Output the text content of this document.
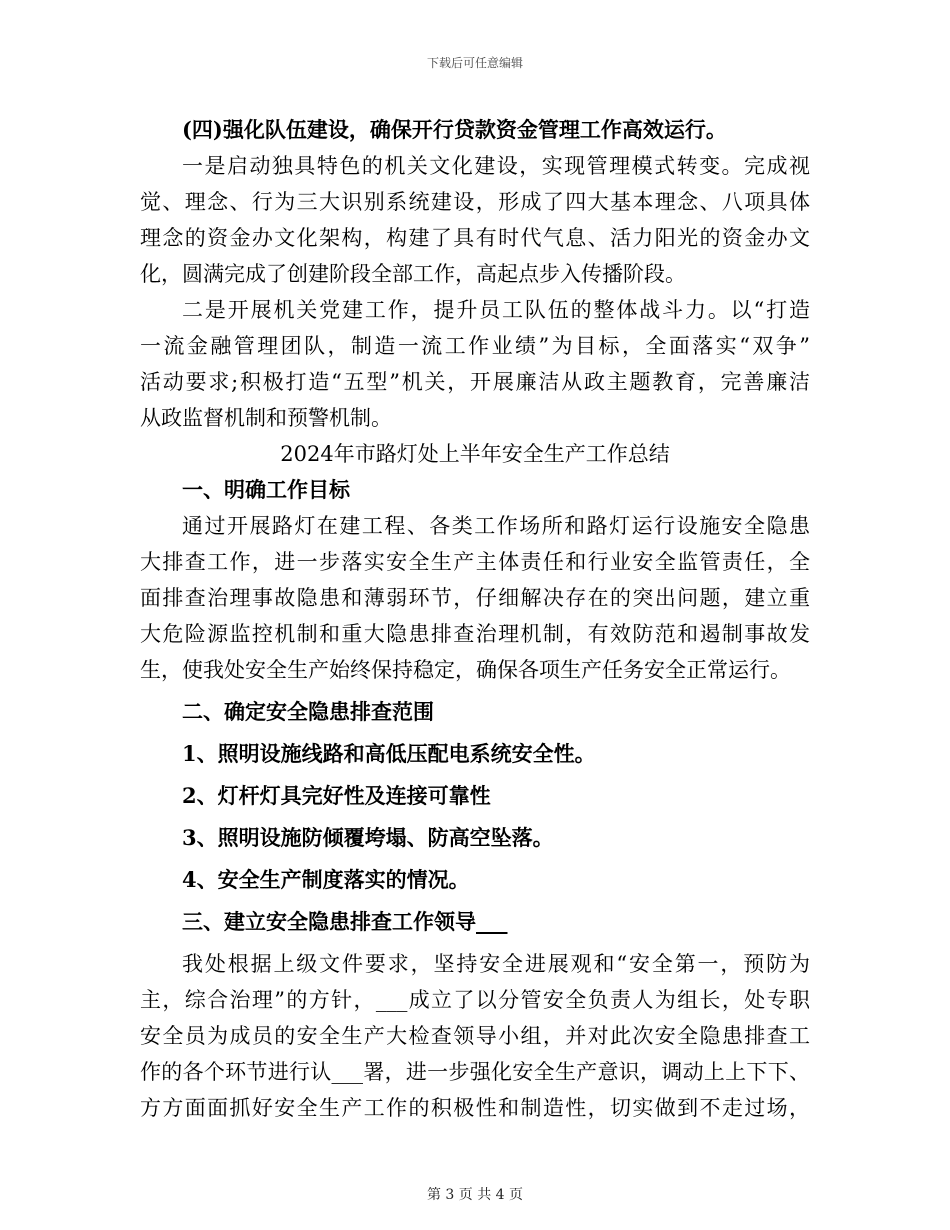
下载后可任意编辑
(四)强化队伍建设，确保开行贷款资金管理工作高效运行。
一是启动独具特色的机关文化建设，实现管理模式转变。完成视
觉、理念、行为三大识别系统建设，形成了四大基本理念、八项具体
理念的资金办文化架构，构建了具有时代气息、活力阳光的资金办文
化，圆满完成了创建阶段全部工作，高起点步入传播阶段。
二是开展机关党建工作，提升员工队伍的整体战斗力。以“打造
一流金融管理团队，制造一流工作业绩”为目标，全面落实“双争”
活动要求;积极打造“五型”机关，开展廉洁从政主题教育，完善廉洁
从政监督机制和预警机制。
2024年市路灯处上半年安全生产工作总结
一、明确工作目标
通过开展路灯在建工程、各类工作场所和路灯运行设施安全隐患
大排查工作，进一步落实安全生产主体责任和行业安全监管责任，全
面排查治理事故隐患和薄弱环节，仔细解决存在的突出问题，建立重
大危险源监控机制和重大隐患排查治理机制，有效防范和遏制事故发
生，使我处安全生产始终保持稳定，确保各项生产任务安全正常运行。
二、确定安全隐患排查范围
1、照明设施线路和高低压配电系统安全性。
2、灯杆灯具完好性及连接可靠性
3、照明设施防倾覆垮塌、防高空坠落。
4、安全生产制度落实的情况。
三、建立安全隐患排查工作领导___
我处根据上级文件要求，坚持安全进展观和“安全第一，预防为
主，综合治理”的方针，___成立了以分管安全负责人为组长，处专职
安全员为成员的安全生产大检查领导小组，并对此次安全隐患排查工
作的各个环节进行认___署，进一步强化安全生产意识，调动上上下下、
方方面面抓好安全生产工作的积极性和制造性，切实做到不走过场，
第 3 页 共 4 页
